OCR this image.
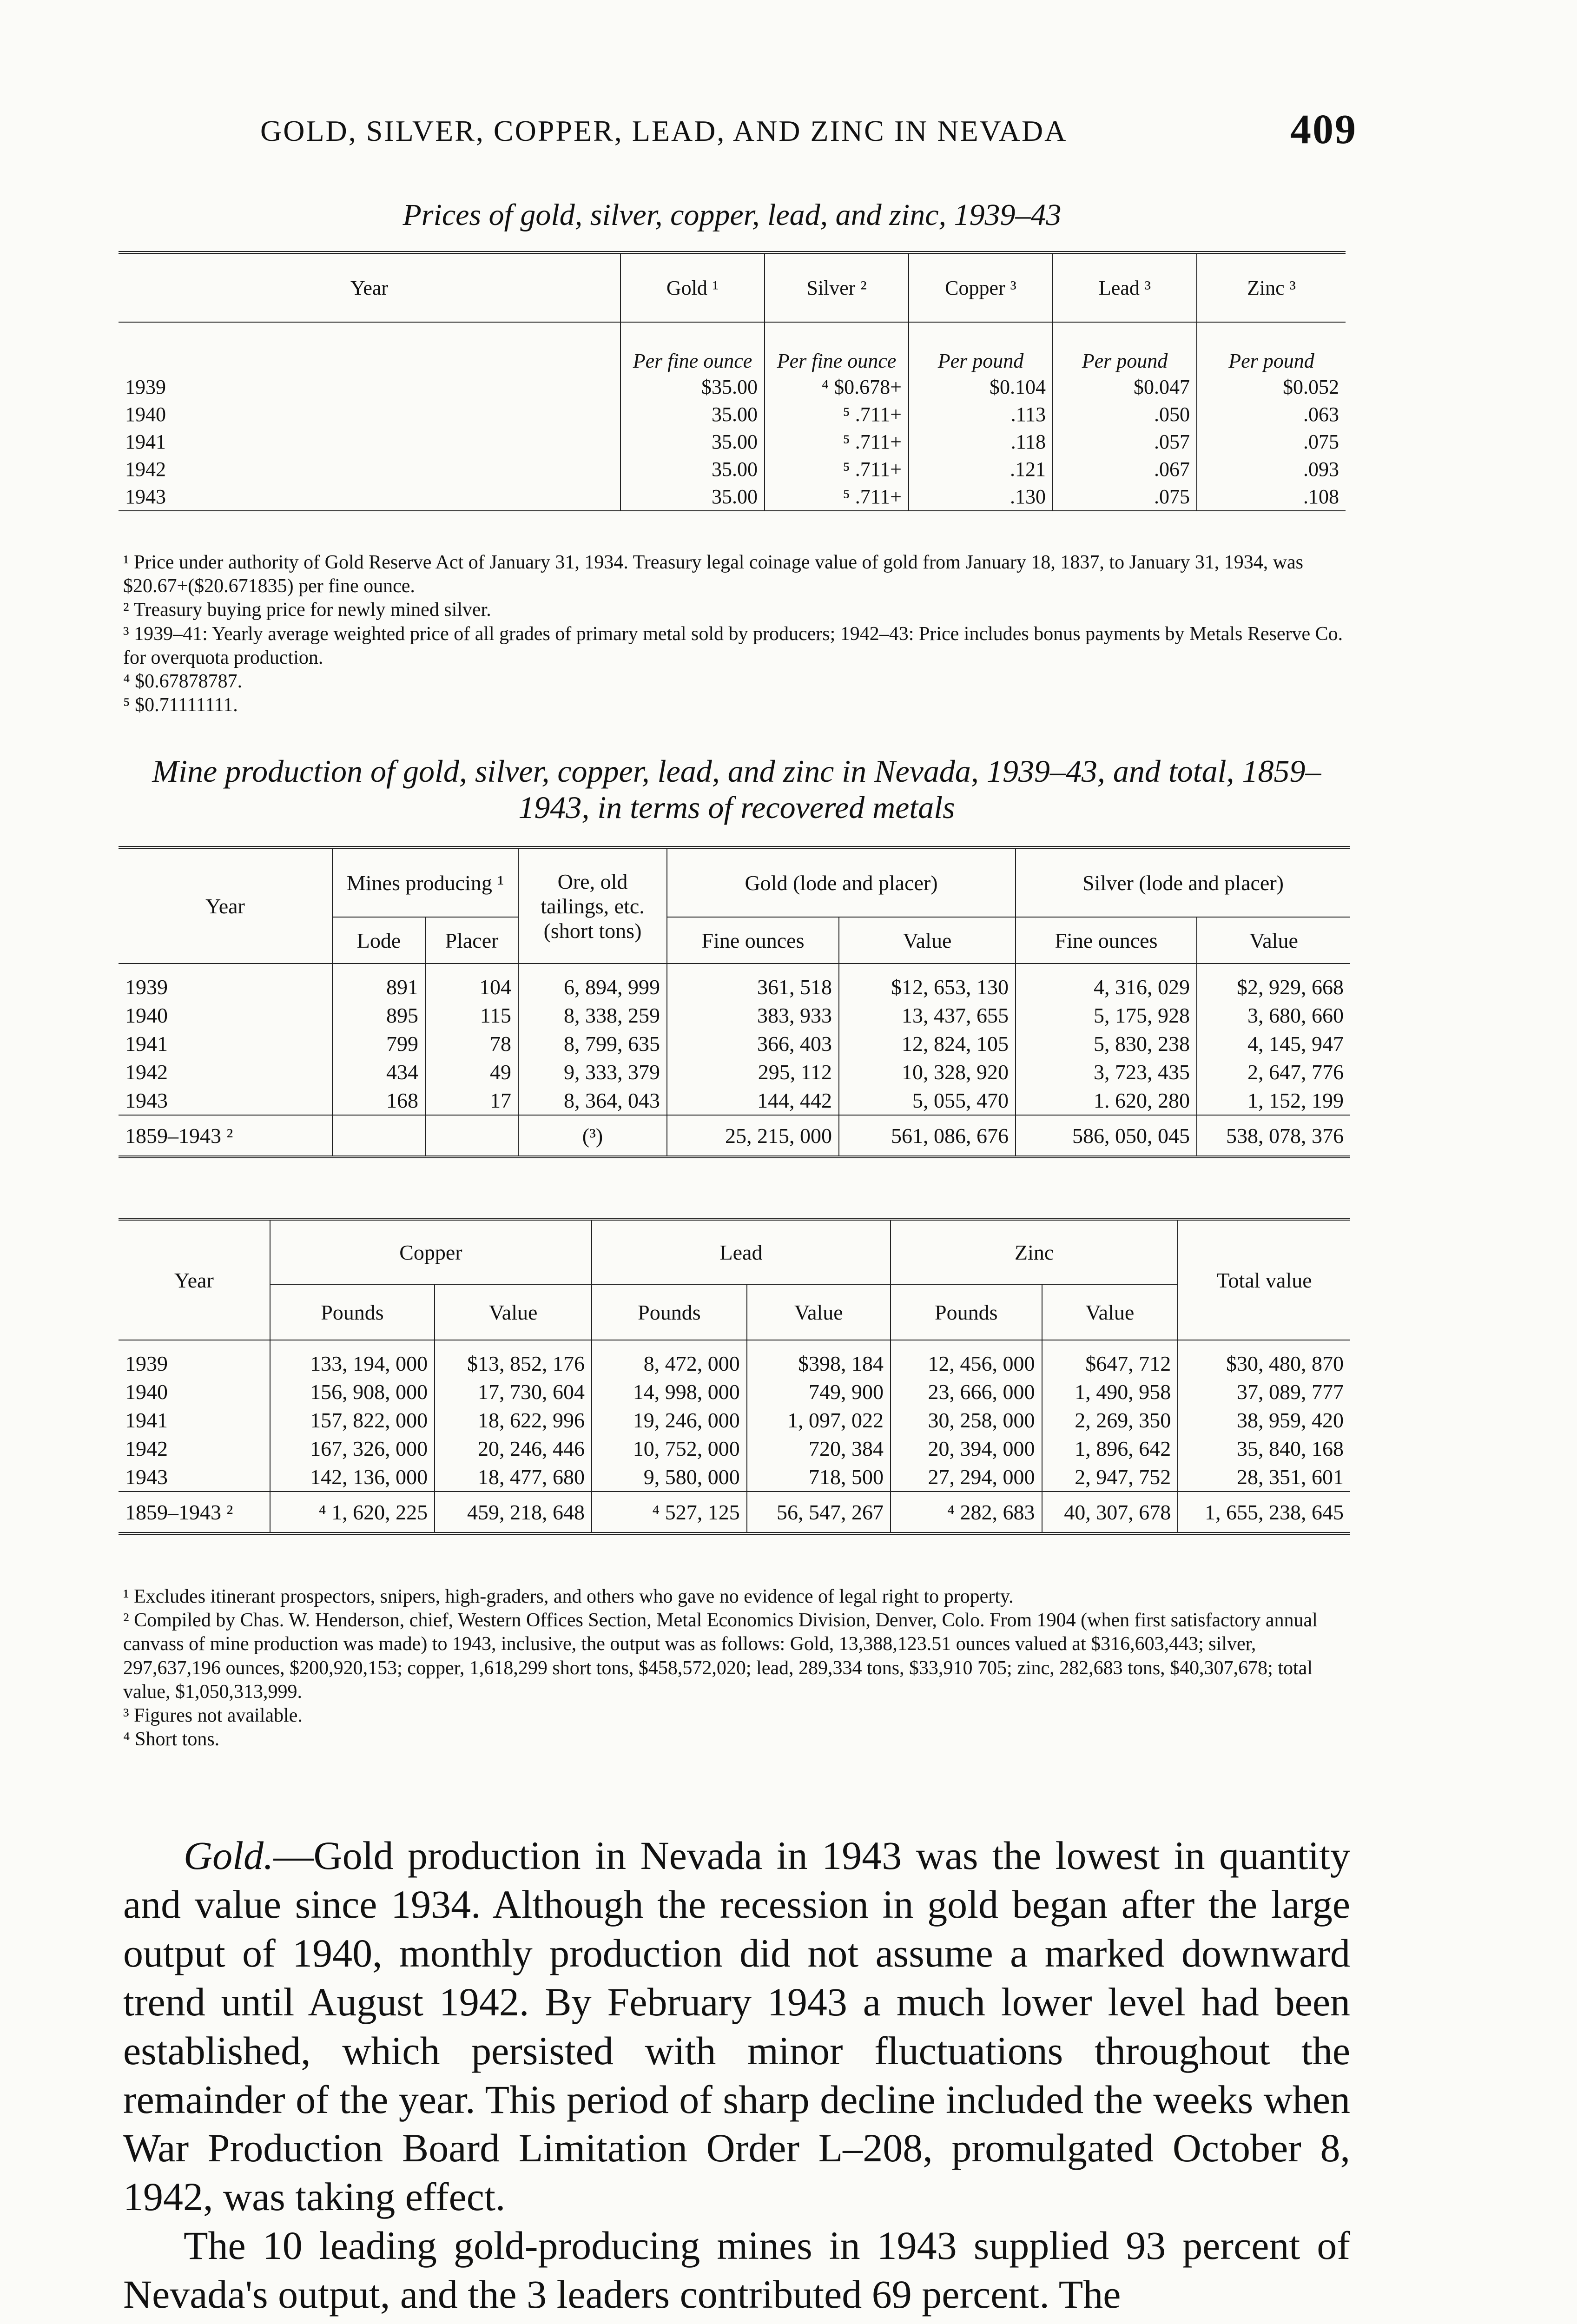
GOLD, SILVER, COPPER, LEAD, AND ZINC IN NEVADA	409
Prices of gold, silver, copper, lead, and zinc, 1939–43
Year	Gold ¹	Silver ²	Copper ³	Lead ³	Zinc ³
	Per fine ounce	Per fine ounce	Per pound	Per pound	Per pound
1939	$35.00	⁴ $0.678+	$0.104	$0.047	$0.052
1940	35.00	⁵ .711+	.113	.050	.063
1941	35.00	⁵ .711+	.118	.057	.075
1942	35.00	⁵ .711+	.121	.067	.093
1943	35.00	⁵ .711+	.130	.075	.108

¹ Price under authority of Gold Reserve Act of January 31, 1934. Treasury legal coinage value of gold from January 18, 1837, to January 31, 1934, was $20.67+($20.671835) per fine ounce.

² Treasury buying price for newly mined silver.

³ 1939–41: Yearly average weighted price of all grades of primary metal sold by producers; 1942–43: Price includes bonus payments by Metals Reserve Co. for overquota production.

⁴ $0.67878787.

⁵ $0.71111111.

Mine production of gold, silver, copper, lead, and zinc in Nevada, 1939–43, and total, 1859–1943, in terms of recovered metals
Year	Mines producing ¹		Ore, old tailings, etc. (short tons)	Gold (lode and placer)		Silver (lode and placer)	
	Lode	Placer		Fine ounces	Value	Fine ounces	Value

1939	891	104	6, 894, 999	361, 518	$12, 653, 130	4, 316, 029	$2, 929, 668
1940	895	115	8, 338, 259	383, 933	13, 437, 655	5, 175, 928	3, 680, 660
1941	799	78	8, 799, 635	366, 403	12, 824, 105	5, 830, 238	4, 145, 947
1942	434	49	9, 333, 379	295, 112	10, 328, 920	3, 723, 435	2, 647, 776
1943	168	17	8, 364, 043	144, 442	5, 055, 470	1. 620, 280	1, 152, 199
1859–1943 ²			(³)	25, 215, 000	561, 086, 676	586, 050, 045	538, 078, 376
Year	Copper		Lead		Zinc		Total value
	Pounds	Value	Pounds	Value	Pounds	Value	

1939	133, 194, 000	$13, 852, 176	8, 472, 000	$398, 184	12, 456, 000	$647, 712	$30, 480, 870
1940	156, 908, 000	17, 730, 604	14, 998, 000	749, 900	23, 666, 000	1, 490, 958	37, 089, 777
1941	157, 822, 000	18, 622, 996	19, 246, 000	1, 097, 022	30, 258, 000	2, 269, 350	38, 959, 420
1942	167, 326, 000	20, 246, 446	10, 752, 000	720, 384	20, 394, 000	1, 896, 642	35, 840, 168
1943	142, 136, 000	18, 477, 680	9, 580, 000	718, 500	27, 294, 000	2, 947, 752	28, 351, 601
1859–1943 ²	⁴ 1, 620, 225	459, 218, 648	⁴ 527, 125	56, 547, 267	⁴ 282, 683	40, 307, 678	1, 655, 238, 645

¹ Excludes itinerant prospectors, snipers, high-graders, and others who gave no evidence of legal right to property.

² Compiled by Chas. W. Henderson, chief, Western Offices Section, Metal Economics Division, Denver, Colo. From 1904 (when first satisfactory annual canvass of mine production was made) to 1943, inclusive, the output was as follows: Gold, 13,388,123.51 ounces valued at $316,603,443; silver, 297,637,196 ounces, $200,920,153; copper, 1,618,299 short tons, $458,572,020; lead, 289,334 tons, $33,910 705; zinc, 282,683 tons, $40,307,678; total value, $1,050,313,999.

³ Figures not available.

⁴ Short tons.

Gold.—Gold production in Nevada in 1943 was the lowest in quantity and value since 1934. Although the recession in gold began after the large output of 1940, monthly production did not assume a marked downward trend until August 1942. By February 1943 a much lower level had been established, which persisted with minor fluctuations throughout the remainder of the year. This period of sharp decline included the weeks when War Production Board Limitation Order L–208, promulgated October 8, 1942, was taking effect.

The 10 leading gold-producing mines in 1943 supplied 93 percent of Nevada's output, and the 3 leaders contributed 69 percent. The
